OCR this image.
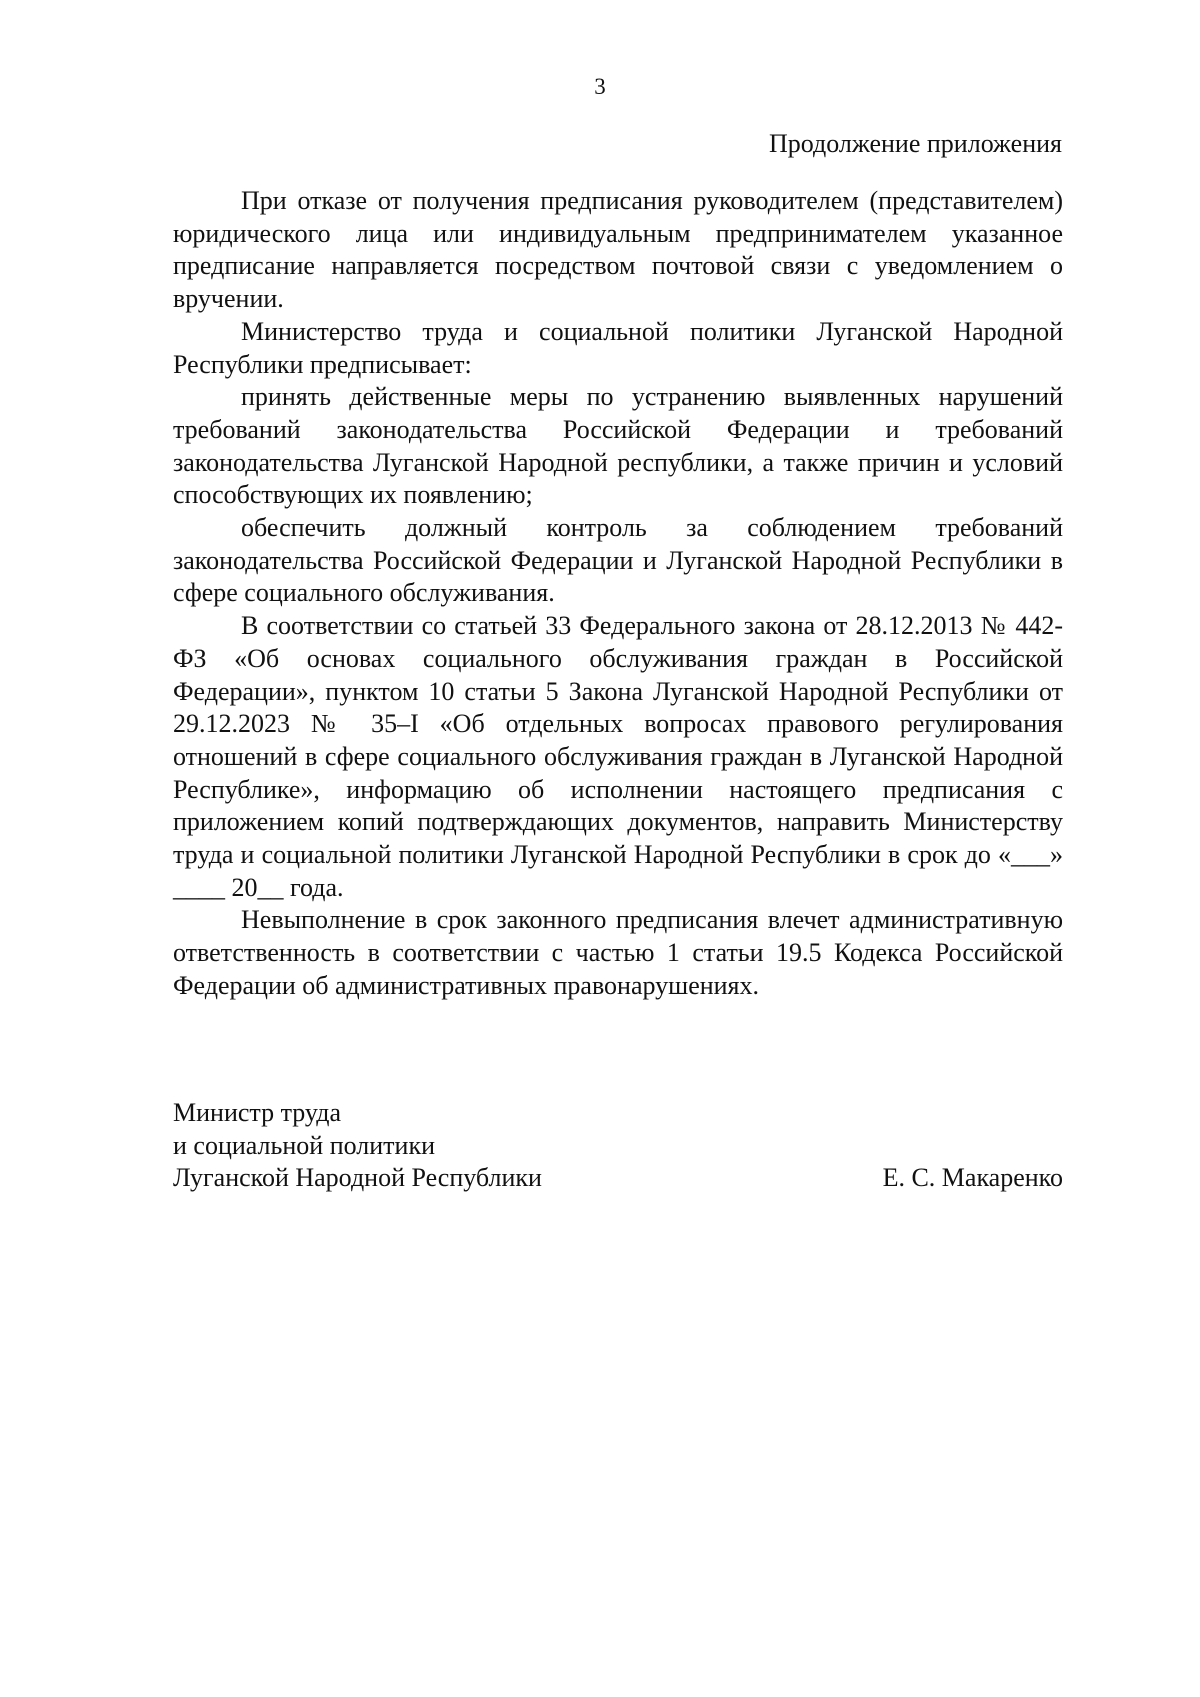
3
Продолжение приложения

При отказе от получения предписания руководителем (представителем) юридического лица или индивидуальным предпринимателем указанное предписание направляется посредством почтовой связи с уведомлением о вручении.

Министерство труда и социальной политики Луганской Народной Республики предписывает:

принять действенные меры по устранению выявленных нарушений требований законодательства Российской Федерации и требований законодательства Луганской Народной республики, а также причин и условий способствующих их появлению;

обеспечить должный контроль за соблюдением требований законодательства Российской Федерации и Луганской Народной Республики в сфере социального обслуживания.

В соответствии со статьей 33 Федерального закона от 28.12.2013 № 442-ФЗ «Об основах социального обслуживания граждан в Российской Федерации», пунктом 10 статьи 5 Закона Луганской Народной Республики от 29.12.2023 № 35–I «Об отдельных вопросах правового регулирования отношений в сфере социального обслуживания граждан в Луганской Народной Республике», информацию об исполнении настоящего предписания с приложением копий подтверждающих документов, направить Министерству труда и социальной политики Луганской Народной Республики в срок до «___» ____ 20__ года.

Невыполнение в срок законного предписания влечет административную ответственность в соответствии с частью 1 статьи 19.5 Кодекса Российской Федерации об административных правонарушениях.

Министр труда
и социальной политики
Луганской Народной Республики	Е. С. Макаренко
